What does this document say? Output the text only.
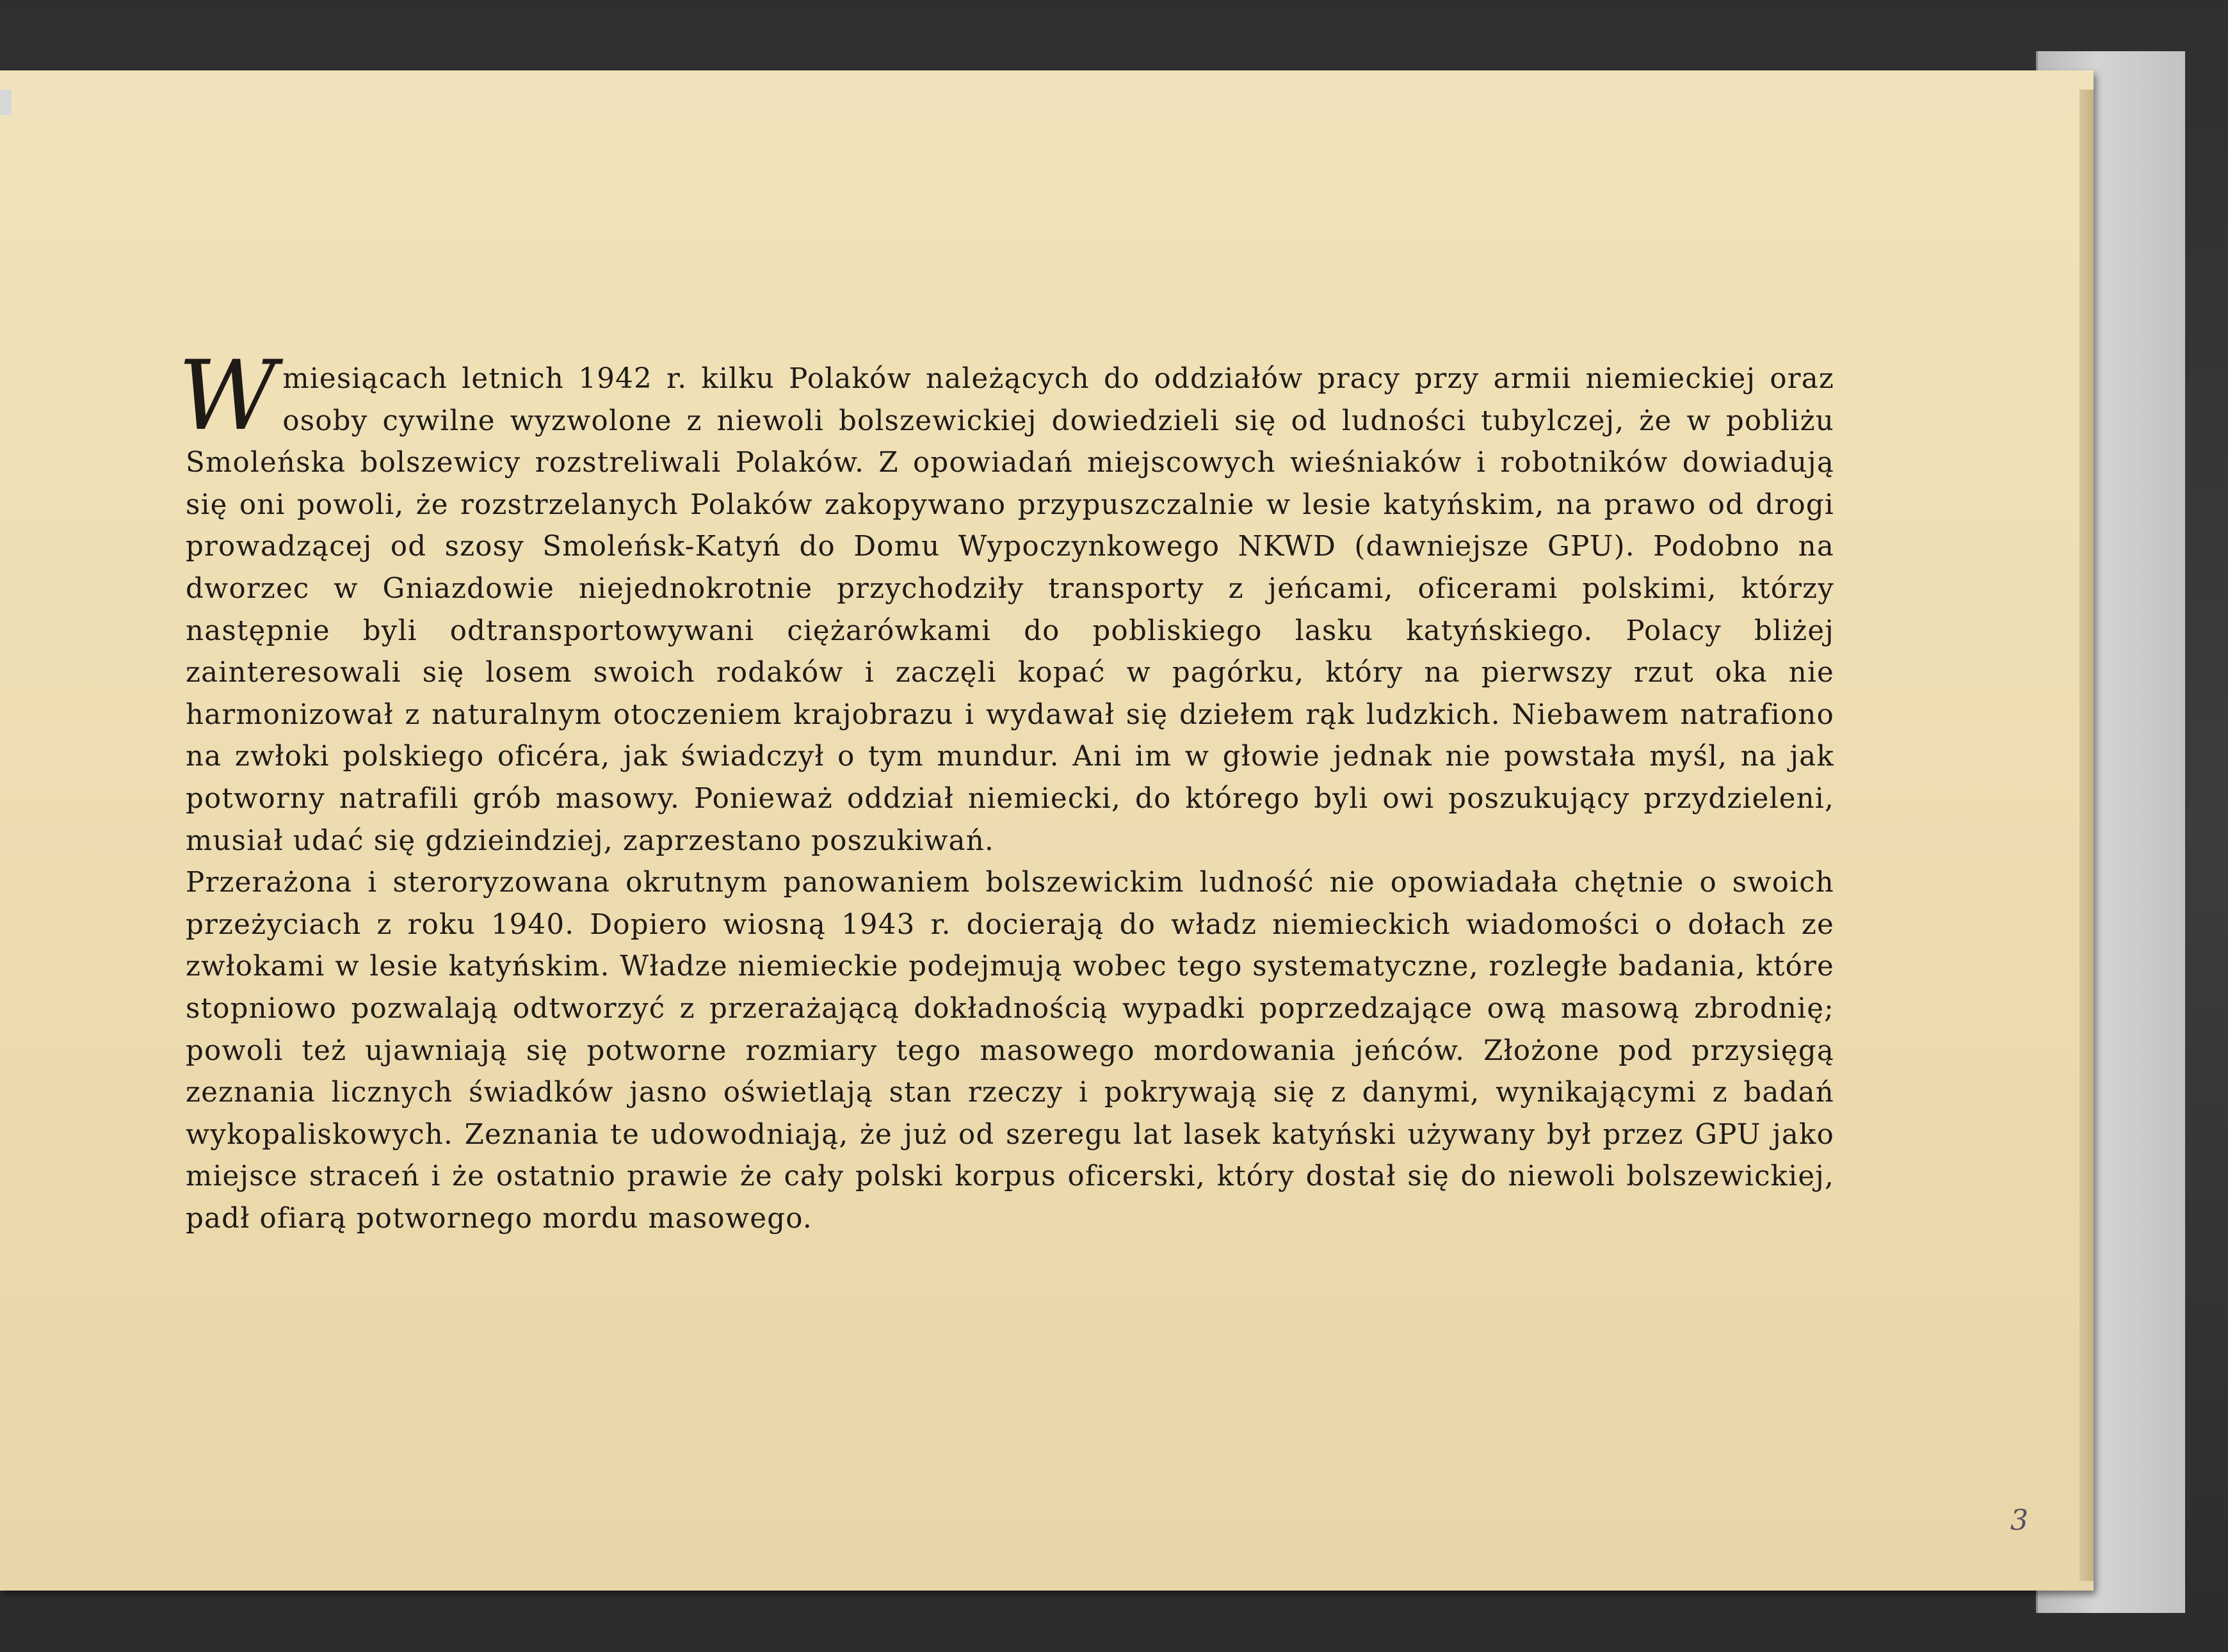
Wmiesiącach letnich 1942 r. kilku Polaków należących do oddziałów pracy przy armii niemieckiej oraz osoby cywilne wyzwolone z niewoli bolszewickiej dowiedzieli się od ludności tubylczej, że w pobliżu Smoleńska bolszewicy rozstreliwali Polaków. Z opowiadań miejscowych wieśniaków i robotników dowiadują się oni powoli, że rozstrzelanych Polaków zakopywano przypuszczalnie w lesie katyńskim, na prawo od drogi prowadzącej od szosy Smoleńsk-Katyń do Domu Wypoczynkowego NKWD (dawniejsze GPU). Podobno na dworzec w Gniazdowie niejednokrotnie przychodziły transporty z jeńcami, oficerami polskimi, którzy następnie byli odtransportowywani ciężarówkami do pobliskiego lasku katyńskiego. Polacy bliżej zainteresowali się losem swoich rodaków i zaczęli kopać w pagórku, który na pierwszy rzut oka nie harmonizował z naturalnym otoczeniem krajobrazu i wydawał się dziełem rąk ludzkich. Niebawem natrafiono na zwłoki polskiego oficéra, jak świadczył o tym mundur. Ani im w głowie jednak nie powstała myśl, na jak potworny natrafili grób masowy. Ponieważ oddział niemiecki, do którego byli owi poszukujący przydzieleni, musiał udać się gdzieindziej, zaprzestano poszukiwań.

Przerażona i steroryzowana okrutnym panowaniem bolszewickim ludność nie opowiadała chętnie o swoich przeżyciach z roku 1940. Dopiero wiosną 1943 r. docierają do władz niemieckich wiadomości o dołach ze zwłokami w lesie katyńskim. Władze niemieckie podejmują wobec tego systematyczne, rozległe badania, które stopniowo pozwalają odtworzyć z przerażającą dokładnością wypadki poprzedzające ową masową zbrodnię; powoli też ujawniają się potworne rozmiary tego masowego mordowania jeńców. Złożone pod przysięgą zeznania licznych świadków jasno oświetlają stan rzeczy i pokrywają się z danymi, wynikającymi z badań wykopaliskowych. Zeznania te udowodniają, że już od szeregu lat lasek katyński używany był przez GPU jako miejsce straceń i że ostatnio prawie że cały polski korpus oficerski, który dostał się do niewoli bolszewickiej, padł ofiarą potwornego mordu masowego.

3
